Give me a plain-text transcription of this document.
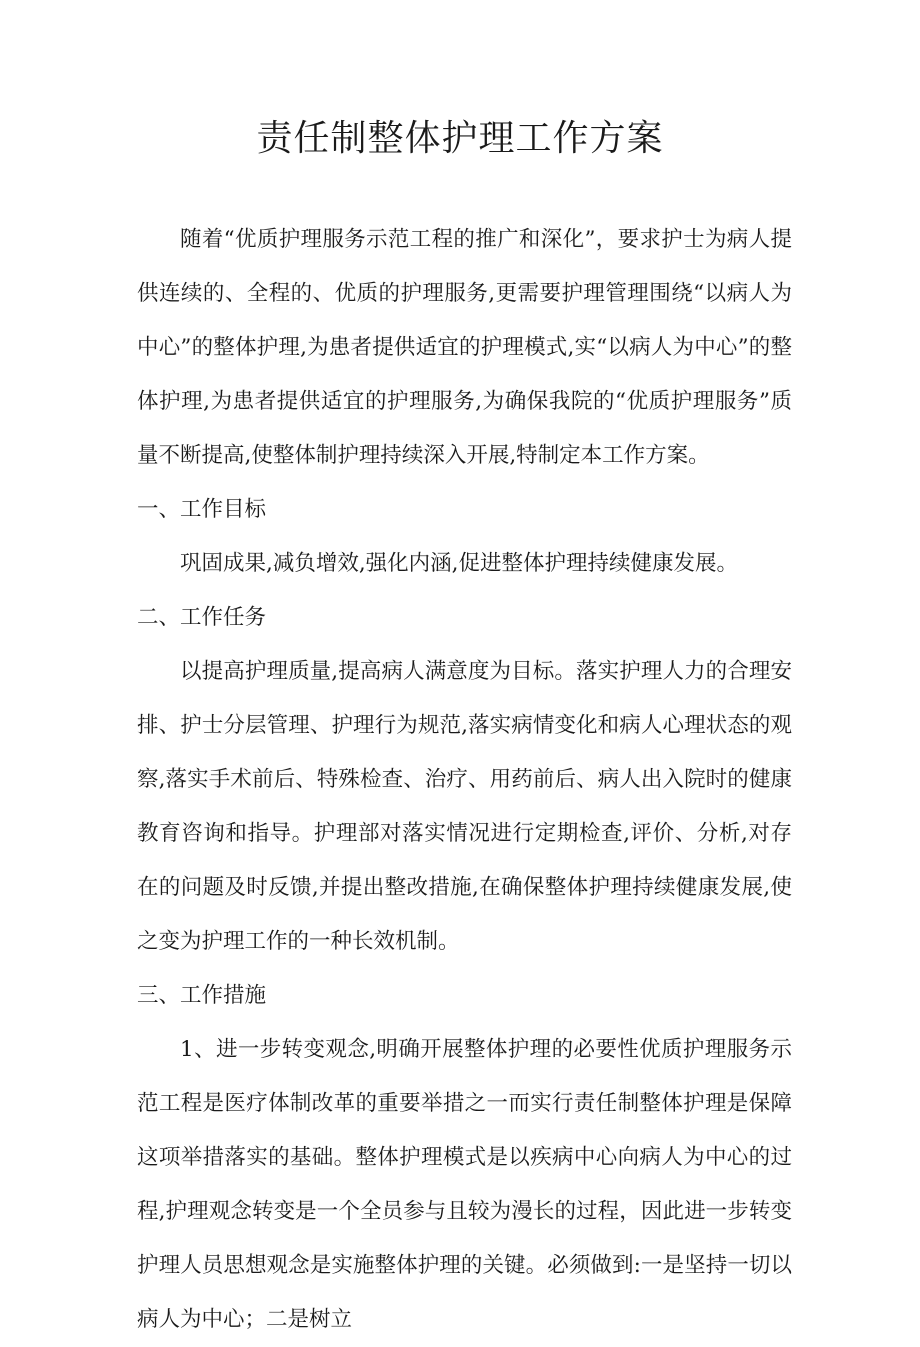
责任制整体护理工作方案

随着“优质护理服务示范工程的推广和深化”，要求护士为病人提供连续的、全程的、优质的护理服务,更需要护理管理围绕“以病人为中心”的整体护理,为患者提供适宜的护理模式,实“以病人为中心”的整体护理,为患者提供适宜的护理服务,为确保我院的“优质护理服务”质量不断提高,使整体制护理持续深入开展,特制定本工作方案。

一、工作目标

巩固成果,减负增效,强化内涵,促进整体护理持续健康发展。

二、工作任务

以提高护理质量,提高病人满意度为目标。落实护理人力的合理安排、护士分层管理、护理行为规范,落实病情变化和病人心理状态的观察,落实手术前后、特殊检查、治疗、用药前后、病人出入院时的健康教育咨询和指导。护理部对落实情况进行定期检查,评价、分析,对存在的问题及时反馈,并提出整改措施,在确保整体护理持续健康发展,使之变为护理工作的一种长效机制。

三、工作措施

1、进一步转变观念,明确开展整体护理的必要性优质护理服务示范工程是医疗体制改革的重要举措之一而实行责任制整体护理是保障这项举措落实的基础。整体护理模式是以疾病中心向病人为中心的过程,护理观念转变是一个全员参与且较为漫长的过程，因此进一步转变护理人员思想观念是实施整体护理的关键。必须做到:一是坚持一切以病人为中心；二是树立
